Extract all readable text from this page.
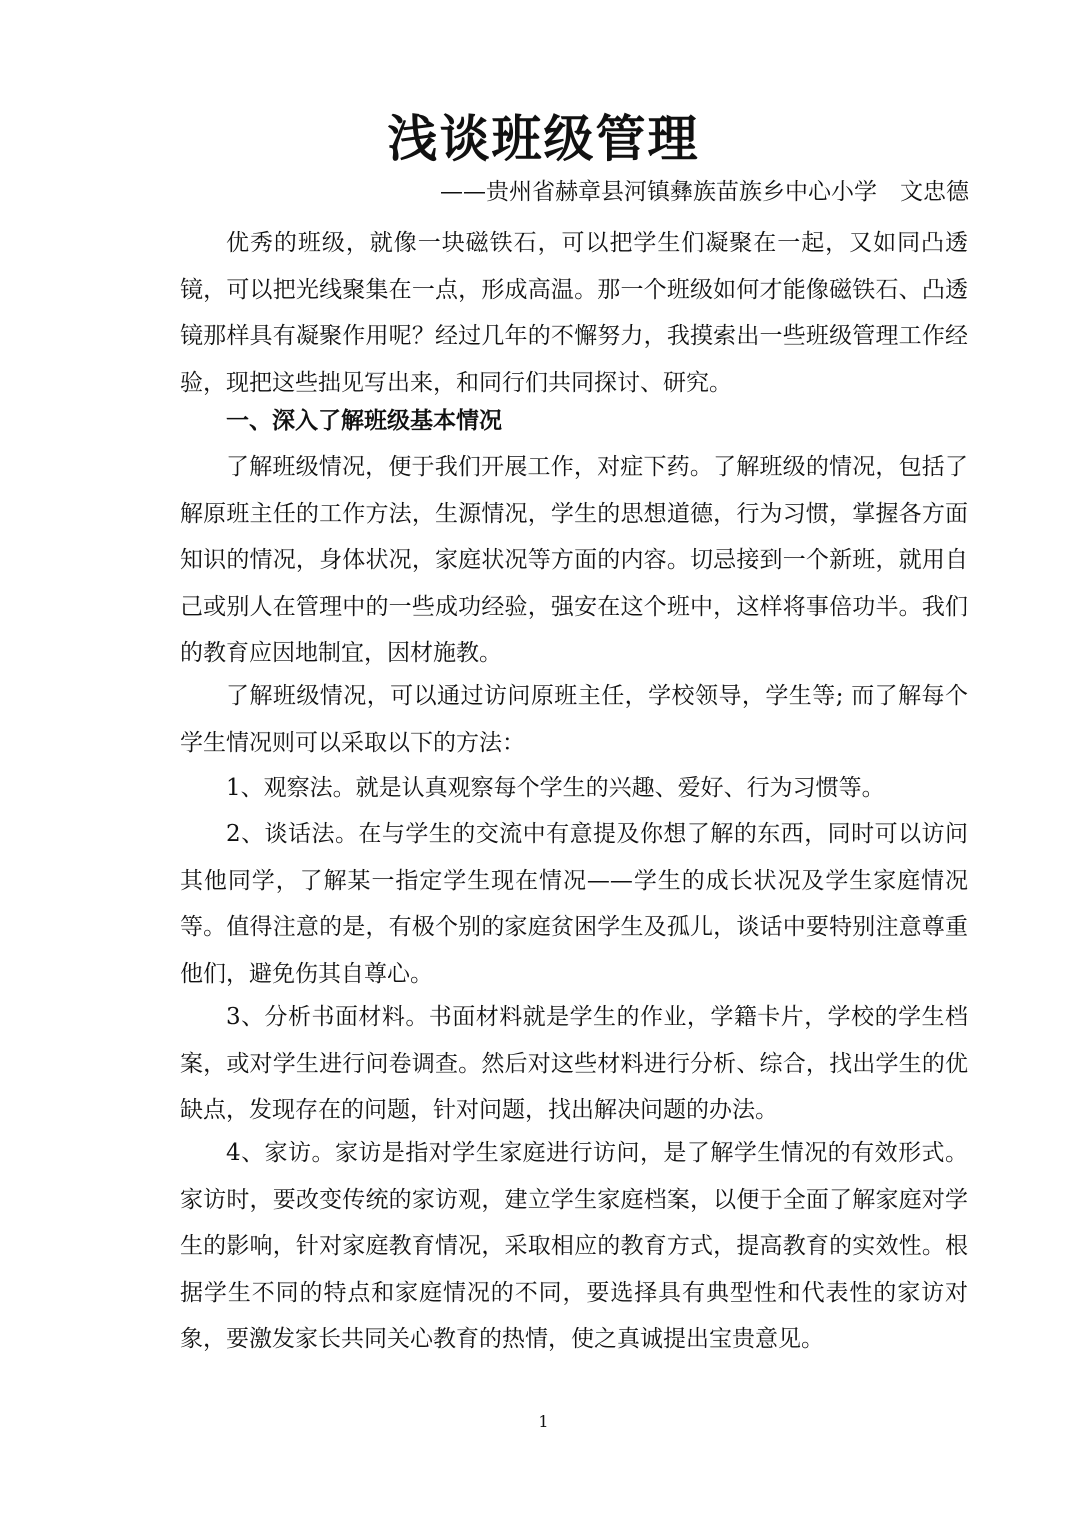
浅谈班级管理

——贵州省赫章县河镇彝族苗族乡中心小学　文忠德

优秀的班级，就像一块磁铁石，可以把学生们凝聚在一起，又如同凸透镜，可以把光线聚集在一点，形成高温。那一个班级如何才能像磁铁石、凸透镜那样具有凝聚作用呢？经过几年的不懈努力，我摸索出一些班级管理工作经验，现把这些拙见写出来，和同行们共同探讨、研究。

一、深入了解班级基本情况

了解班级情况，便于我们开展工作，对症下药。了解班级的情况，包括了解原班主任的工作方法，生源情况，学生的思想道德，行为习惯，掌握各方面知识的情况，身体状况，家庭状况等方面的内容。切忌接到一个新班，就用自己或别人在管理中的一些成功经验，强安在这个班中，这样将事倍功半。我们的教育应因地制宜，因材施教。

了解班级情况，可以通过访问原班主任，学校领导，学生等; 而了解每个学生情况则可以采取以下的方法：

1、观察法。就是认真观察每个学生的兴趣、爱好、行为习惯等。

2、谈话法。在与学生的交流中有意提及你想了解的东西，同时可以访问其他同学，了解某一指定学生现在情况——学生的成长状况及学生家庭情况等。值得注意的是，有极个别的家庭贫困学生及孤儿，谈话中要特别注意尊重他们，避免伤其自尊心。

3、分析书面材料。书面材料就是学生的作业，学籍卡片，学校的学生档案，或对学生进行问卷调查。然后对这些材料进行分析、综合，找出学生的优缺点，发现存在的问题，针对问题，找出解决问题的办法。

4、家访。家访是指对学生家庭进行访问，是了解学生情况的有效形式。家访时，要改变传统的家访观，建立学生家庭档案，以便于全面了解家庭对学生的影响，针对家庭教育情况，采取相应的教育方式，提高教育的实效性。根据学生不同的特点和家庭情况的不同，要选择具有典型性和代表性的家访对象，要激发家长共同关心教育的热情，使之真诚提出宝贵意见。

1
